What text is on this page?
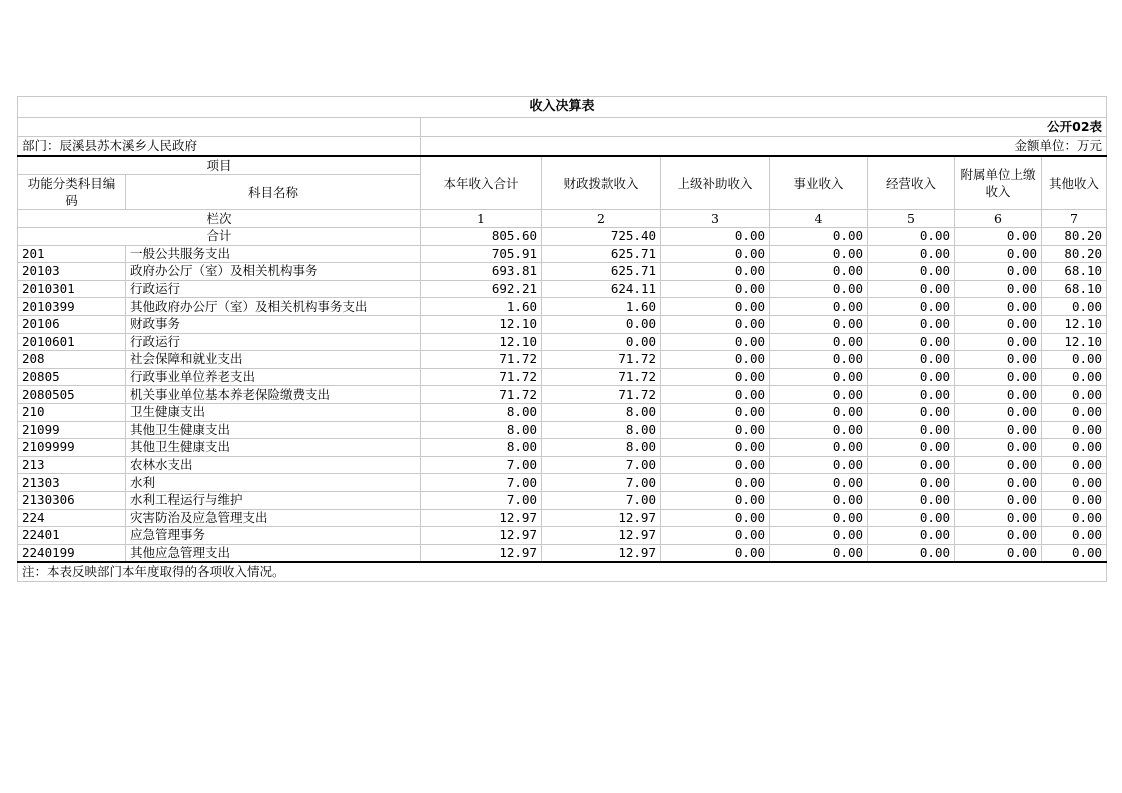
收入决算表								
		公开02表						
部门：辰溪县苏木溪乡人民政府		金额单位：万元						
项目		本年收入合计	财政拨款收入	上级补助收入	事业收入	经营收入	附属单位上缴收入	其他收入
功能分类科目编码	科目名称							
栏次		1	2	3	4	5	6	7
合计		805.60	725.40	0.00	0.00	0.00	0.00	80.20
201	一般公共服务支出	705.91	625.71	0.00	0.00	0.00	0.00	80.20
20103	政府办公厅（室）及相关机构事务	693.81	625.71	0.00	0.00	0.00	0.00	68.10
2010301	行政运行	692.21	624.11	0.00	0.00	0.00	0.00	68.10
2010399	其他政府办公厅（室）及相关机构事务支出	1.60	1.60	0.00	0.00	0.00	0.00	0.00
20106	财政事务	12.10	0.00	0.00	0.00	0.00	0.00	12.10
2010601	行政运行	12.10	0.00	0.00	0.00	0.00	0.00	12.10
208	社会保障和就业支出	71.72	71.72	0.00	0.00	0.00	0.00	0.00
20805	行政事业单位养老支出	71.72	71.72	0.00	0.00	0.00	0.00	0.00
2080505	机关事业单位基本养老保险缴费支出	71.72	71.72	0.00	0.00	0.00	0.00	0.00
210	卫生健康支出	8.00	8.00	0.00	0.00	0.00	0.00	0.00
21099	其他卫生健康支出	8.00	8.00	0.00	0.00	0.00	0.00	0.00
2109999	其他卫生健康支出	8.00	8.00	0.00	0.00	0.00	0.00	0.00
213	农林水支出	7.00	7.00	0.00	0.00	0.00	0.00	0.00
21303	水利	7.00	7.00	0.00	0.00	0.00	0.00	0.00
2130306	水利工程运行与维护	7.00	7.00	0.00	0.00	0.00	0.00	0.00
224	灾害防治及应急管理支出	12.97	12.97	0.00	0.00	0.00	0.00	0.00
22401	应急管理事务	12.97	12.97	0.00	0.00	0.00	0.00	0.00
2240199	其他应急管理支出	12.97	12.97	0.00	0.00	0.00	0.00	0.00
注：本表反映部门本年度取得的各项收入情况。								
